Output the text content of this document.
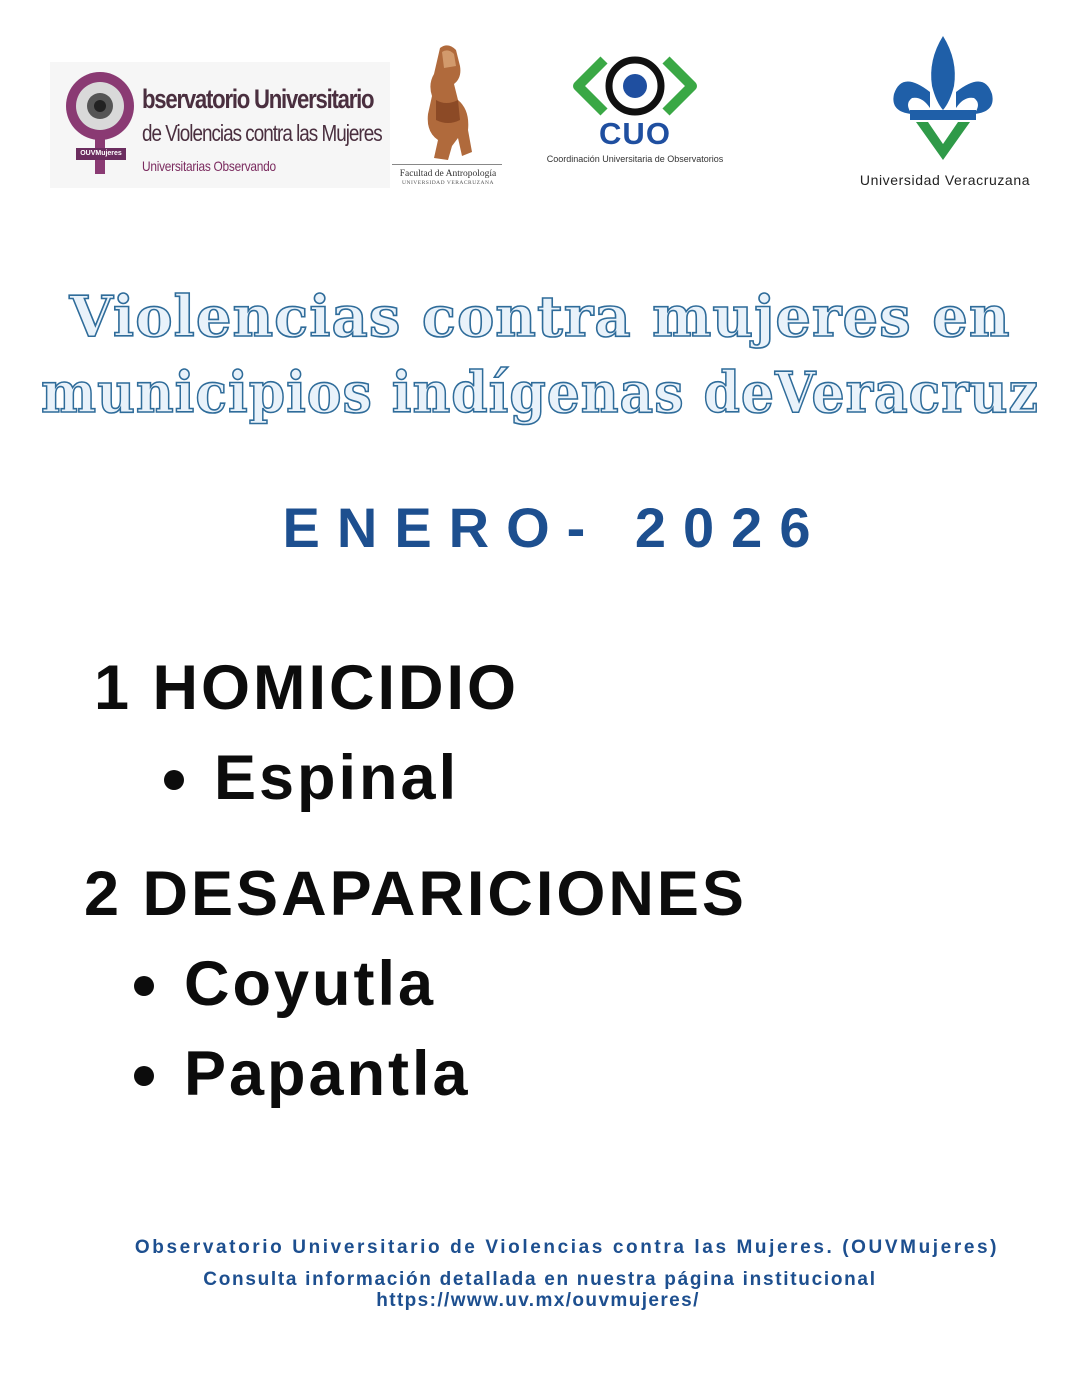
OUVMujeres
bservatorio Universitario
de Violencias contra las Mujeres
Universitarias Observando	Facultad de Antropología
UNIVERSIDAD VERACRUZANA
CUO
Coordinación Universitaria de Observatorios
Universidad Veracruzana
Violencias contra mujeres en
municipios indígenas deVeracruz
ENERO- 2026
1 HOMICIDIO
Espinal
2 DESAPARICIONES
Coyutla
Papantla
Observatorio Universitario de Violencias contra las Mujeres. (OUVMujeres)
Consulta información detallada en nuestra página institucional
https://www.uv.mx/ouvmujeres/
